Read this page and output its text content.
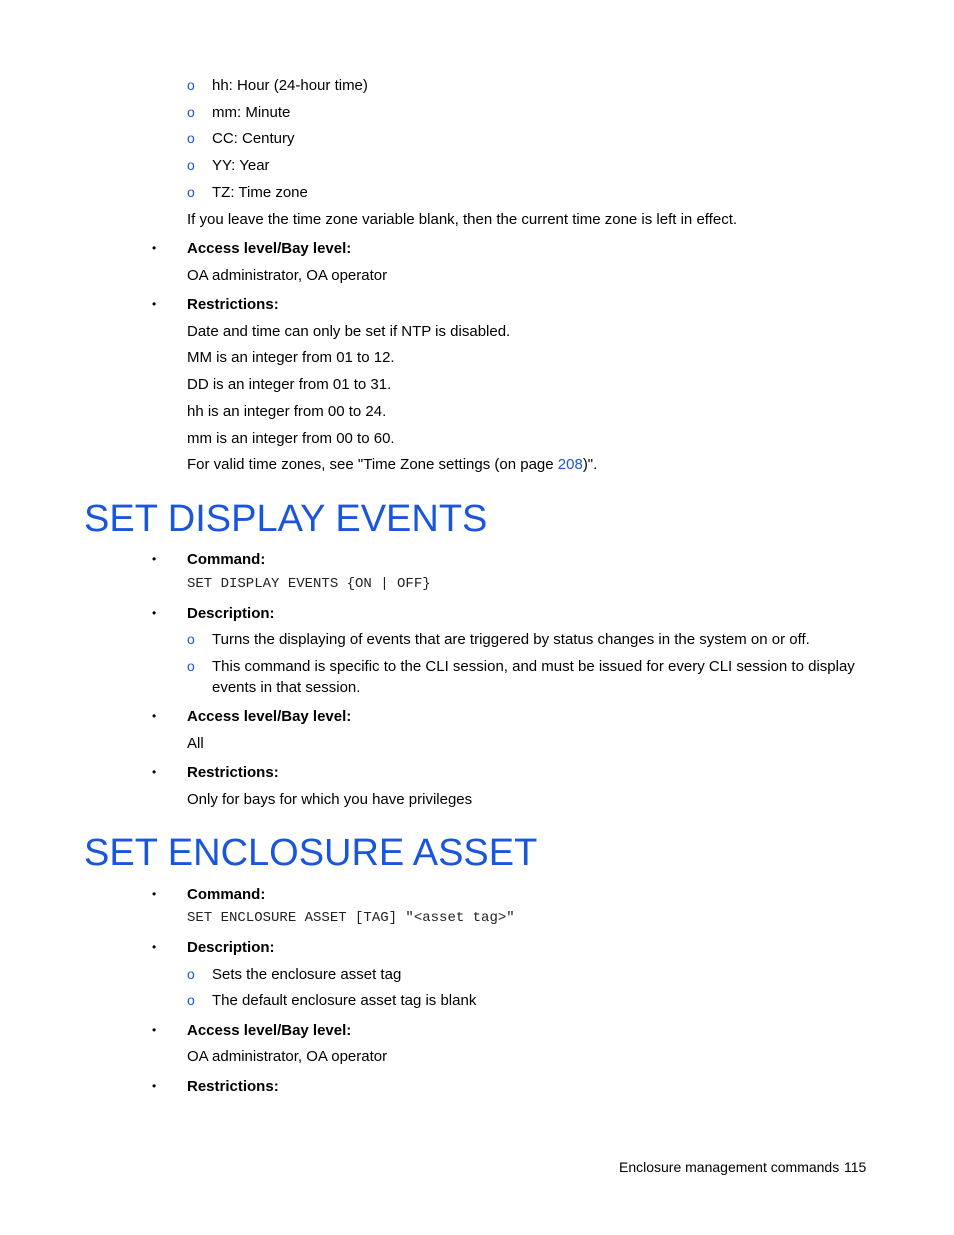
o hh: Hour (24-hour time)
o mm: Minute
o CC: Century
o YY: Year
o TZ: Time zone
If you leave the time zone variable blank, then the current time zone is left in effect.
• Access level/Bay level:
OA administrator, OA operator
• Restrictions:
Date and time can only be set if NTP is disabled.
MM is an integer from 01 to 12.
DD is an integer from 01 to 31.
hh is an integer from 00 to 24.
mm is an integer from 00 to 60.
For valid time zones, see "Time Zone settings (on page 208)".
SET DISPLAY EVENTS
• Command:
SET DISPLAY EVENTS {ON | OFF}
• Description:
o Turns the displaying of events that are triggered by status changes in the system on or off.
o This command is specific to the CLI session, and must be issued for every CLI session to display
events in that session.
• Access level/Bay level:
All
• Restrictions:
Only for bays for which you have privileges
SET ENCLOSURE ASSET
• Command:
SET ENCLOSURE ASSET [TAG] "<asset tag>"
• Description:
o Sets the enclosure asset tag
o The default enclosure asset tag is blank
• Access level/Bay level:
OA administrator, OA operator
• Restrictions:
Enclosure management commands 115
